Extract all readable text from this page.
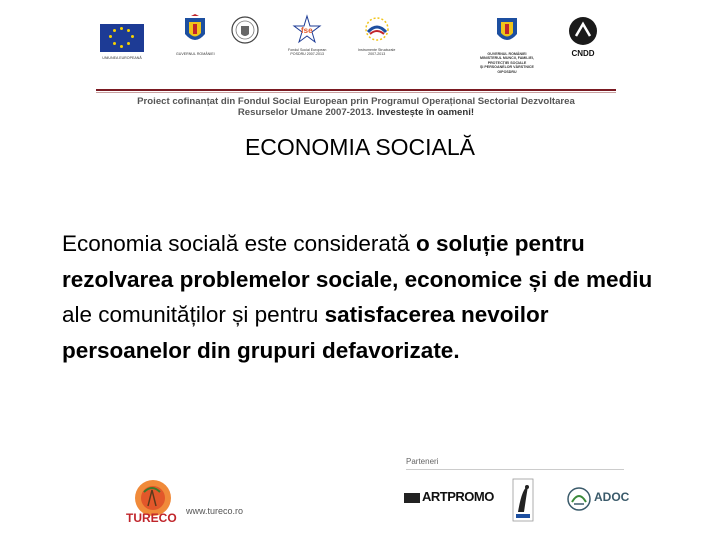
UNIUNEA EUROPEANĂ
GUVERNUL ROMÂNIEI
fse
Fondul Social European
POSDRU 2007-2013
Instrumente Structurale
2007-2013	GUVERNUL ROMÂNIEI
MINISTERUL MUNCII, FAMILIEI,
PROTECȚIEI SOCIALE
ȘI PERSOANELOR VÂRSTNICE
OIPOSDRU
CNDD
Proiect cofinanțat din Fondul Social European prin Programul Operațional Sectorial Dezvoltarea
Resurselor Umane 2007-2013. Investește în oameni!
ECONOMIA SOCIALĂ
Economia socială este considerată o soluție pentru rezolvarea problemelor sociale, economice și de mediu ale comunităților și pentru satisfacerea nevoilor persoanelor din grupuri defavorizate.
TURECO www.tureco.ro
Parteneri
ARTPROMO	ADOC
